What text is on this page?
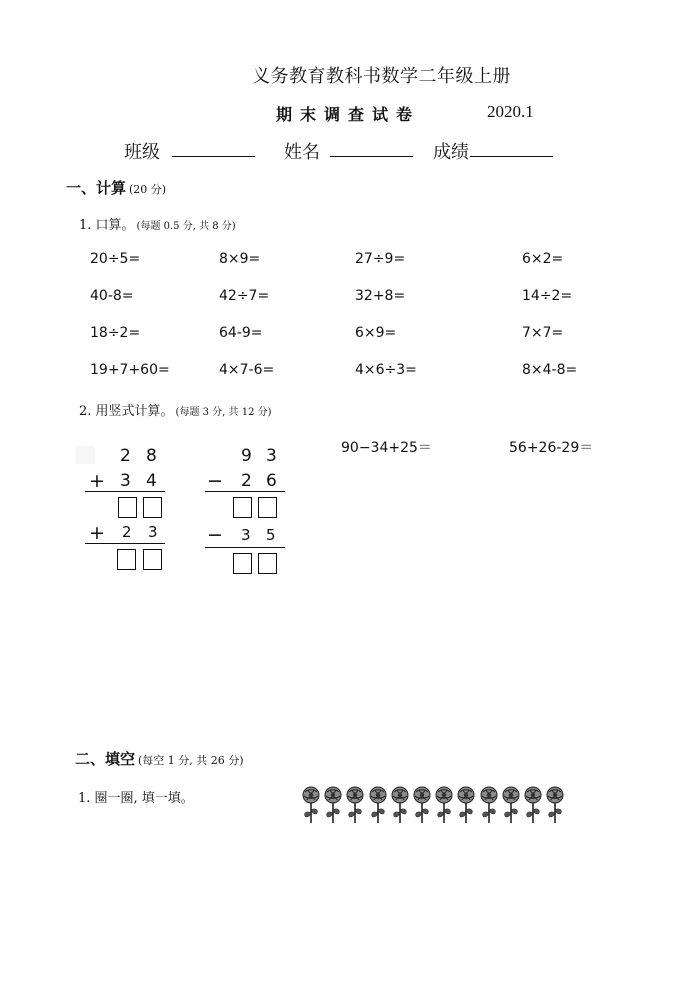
义务教育教科书数学二年级上册
期末调查试卷	2020.1
班级	姓名	成绩
一、计算 (20 分)
1. 口算。 (每题 0.5 分, 共 8 分)
20÷5=	8×9=	27÷9=	6×2=
40-8=	42÷7=	32+8=	14÷2=
18÷2=	64-9=	6×9=	7×7=
19+7+60=	4×7-6=	4×6÷3=	8×4-8=
2. 用竖式计算。 (每题 3 分, 共 12 分)
2 8
+ 3 4
+ 2 3
9 3
− 2 6
− 3 5
90−34+25＝	56+26-29＝
二、填空 (每空 1 分, 共 26 分)
1. 圈一圈, 填一填。
